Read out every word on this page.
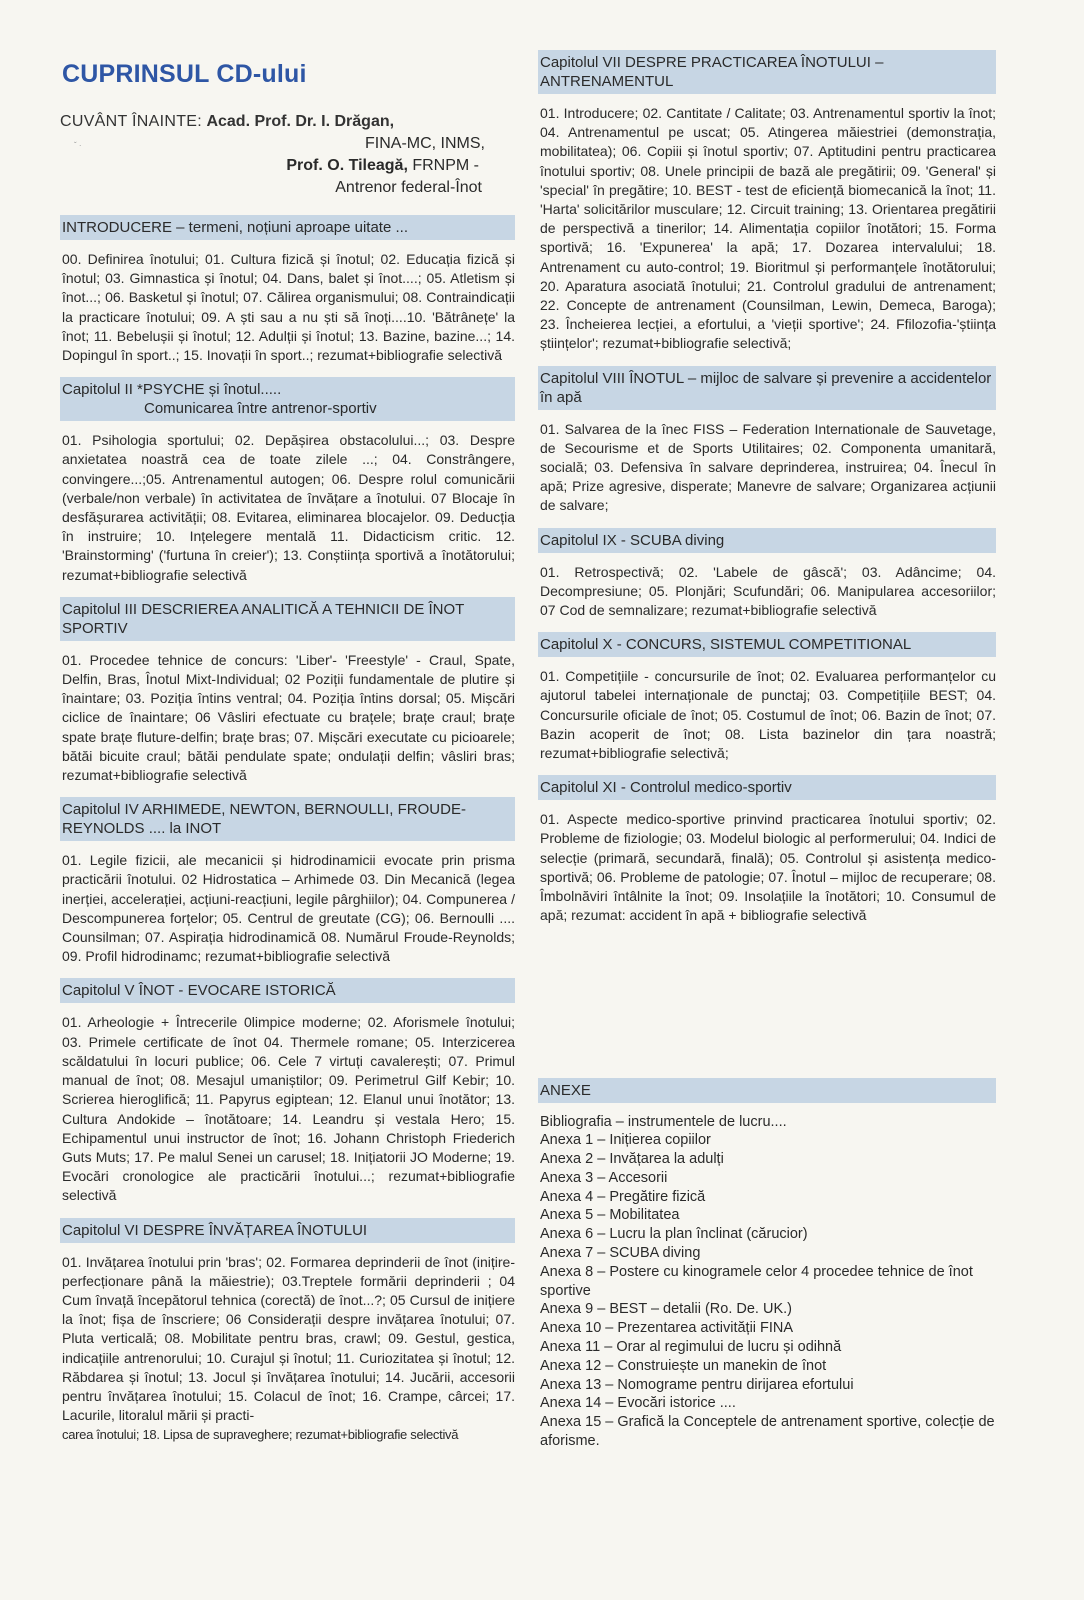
ˇ ·
CUPRINSUL CD-ului
CUVÂNT ÎNAINTE: Acad. Prof. Dr. I. Drăgan,
FINA-MC, INMS,
Prof. O. Tileagă, FRNPM -
Antrenor federal-Înot
INTRODUCERE – termeni, noțiuni aproape uitate ...
00. Definirea înotului; 01. Cultura fizică și înotul; 02. Educația fizică și înotul; 03. Gimnastica și înotul; 04. Dans, balet și înot....; 05. Atletism și înot...; 06. Basketul și înotul; 07. Călirea organismului; 08. Contraindicații la practicare înotului; 09. A ști sau a nu ști să înoți....10. 'Bătrânețe' la înot; 11. Bebelușii și înotul; 12. Adulții și înotul; 13. Bazine, bazine...; 14. Dopingul în sport..; 15. Inovații în sport..; rezumat+bibliografie selectivă
Capitolul II *PSYCHE și înotul.....
Comunicarea între antrenor-sportiv
01. Psihologia sportului; 02. Depășirea obstacolului...; 03. Despre anxietatea noastră cea de toate zilele ...; 04. Constrângere, convingere...;05. Antrenamentul autogen; 06. Despre rolul comunicării (verbale/non verbale) în activitatea de învățare a înotului. 07 Blocaje în desfășurarea activității; 08. Evitarea, eliminarea blocajelor. 09. Deducția în instruire; 10. Ințelegere mentală 11. Didacticism critic. 12. 'Brainstorming' ('furtuna în creier'); 13. Conștiința sportivă a înotătorului; rezumat+bibliografie selectivă
Capitolul III DESCRIEREA ANALITICĂ A TEHNICII DE ÎNOT SPORTIV
01. Procedee tehnice de concurs: 'Liber'- 'Freestyle' - Craul, Spate, Delfin, Bras, Înotul Mixt-Individual; 02 Poziții fundamentale de plutire și înaintare; 03. Poziția întins ventral; 04. Poziția întins dorsal; 05. Mișcări ciclice de înaintare; 06 Vâsliri efectuate cu brațele; brațe craul; brațe spate brațe fluture-delfin; brațe bras; 07. Mișcări executate cu picioarele; bătăi bicuite craul; bătăi pendulate spate; ondulații delfin; vâsliri bras; rezumat+bibliografie selectivă
Capitolul IV ARHIMEDE, NEWTON, BERNOULLI, FROUDE-REYNOLDS .... la INOT
01. Legile fizicii, ale mecanicii și hidrodinamicii evocate prin prisma practicării înotului. 02 Hidrostatica – Arhimede 03. Din Mecanică (legea inerției, accelerației, acțiuni-reacțiuni, legile pârghiilor); 04. Compunerea / Descompunerea forțelor; 05. Centrul de greutate (CG); 06. Bernoulli .... Counsilman; 07. Aspirația hidrodinamică 08. Numărul Froude-Reynolds; 09. Profil hidrodinamc; rezumat+bibliografie selectivă
Capitolul V ÎNOT - EVOCARE ISTORICĂ
01. Arheologie + Întrecerile 0limpice moderne; 02. Aforismele înotului; 03. Primele certificate de înot 04. Thermele romane; 05. Interzicerea scăldatului în locuri publice; 06. Cele 7 virtuți cavalerești; 07. Primul manual de înot; 08. Mesajul umaniștilor; 09. Perimetrul Gilf Kebir; 10. Scrierea hieroglifică; 11. Papyrus egiptean; 12. Elanul unui înotător; 13. Cultura Andokide – înotătoare; 14. Leandru și vestala Hero; 15. Echipamentul unui instructor de înot; 16. Johann Christoph Friederich Guts Muts; 17. Pe malul Senei un carusel; 18. Inițiatorii JO Moderne; 19. Evocări cronologice ale practicării înotului...; rezumat+bibliografie selectivă
Capitolul VI DESPRE ÎNVĂȚAREA ÎNOTULUI
01. Invățarea înotului prin 'bras'; 02. Formarea deprinderii de înot (inițire-perfecționare până la măiestrie); 03.Treptele formării deprinderii ; 04 Cum învață începătorul tehnica (corectă) de înot...?; 05 Cursul de inițiere la înot; fișa de înscriere; 06 Considerații despre invățarea înotului; 07. Pluta verticală; 08. Mobilitate pentru bras, crawl; 09. Gestul, gestica, indicațiile antrenorului; 10. Curajul și înotul; 11. Curiozitatea și înotul; 12. Răbdarea și înotul; 13. Jocul și învățarea înotului; 14. Jucării, accesorii pentru învățarea înotului; 15. Colacul de înot; 16. Crampe, cârcei; 17. Lacurile, litoralul mării și practi-
carea înotului; 18. Lipsa de supraveghere; rezumat+bibliografie selectivă
Capitolul VII DESPRE PRACTICAREA ÎNOTULUI – ANTRENAMENTUL
01. Introducere; 02. Cantitate / Calitate; 03. Antrenamentul sportiv la înot; 04. Antrenamentul pe uscat; 05. Atingerea măiestriei (demonstrația, mobilitatea); 06. Copiii și înotul sportiv; 07. Aptitudini pentru practicarea înotului sportiv; 08. Unele principii de bază ale pregătirii; 09. 'General' și 'special' în pregătire; 10. BEST - test de eficiență biomecanică la înot; 11. 'Harta' solicitărilor musculare; 12. Circuit training; 13. Orientarea pregătirii de perspectivă a tinerilor; 14. Alimentația copiilor înotători; 15. Forma sportivă; 16. 'Expunerea' la apă; 17. Dozarea intervalului; 18. Antrenament cu auto-control; 19. Bioritmul și performanțele înotătorului; 20. Aparatura asociată înotului; 21. Controlul gradului de antrenament; 22. Concepte de antrenament (Counsilman, Lewin, Demeca, Baroga); 23. Încheierea lecției, a efortului, a 'vieții sportive'; 24. Ffilozofia-'știința științelor'; rezumat+bibliografie selectivă;
Capitolul VIII ÎNOTUL – mijloc de salvare și prevenire a accidentelor în apă
01. Salvarea de la înec FISS – Federation Internationale de Sauvetage, de Secourisme et de Sports Utilitaires; 02. Componenta umanitară, socială; 03. Defensiva în salvare deprinderea, instruirea; 04. Înecul în apă; Prize agresive, disperate; Manevre de salvare; Organizarea acțiunii de salvare;
Capitolul IX - SCUBA diving
01. Retrospectivă; 02. 'Labele de gâscă'; 03. Adâncime; 04. Decompresiune; 05. Plonjări; Scufundări; 06. Manipularea accesoriilor; 07 Cod de semnalizare; rezumat+bibliografie selectivă
Capitolul X - CONCURS, SISTEMUL COMPETITIONAL
01. Competițiile - concursurile de înot; 02. Evaluarea performanțelor cu ajutorul tabelei internaționale de punctaj; 03. Competițiile BEST; 04. Concursurile oficiale de înot; 05. Costumul de înot; 06. Bazin de înot; 07. Bazin acoperit de înot; 08. Lista bazinelor din țara noastră; rezumat+bibliografie selectivă;
Capitolul XI - Controlul medico-sportiv
01. Aspecte medico-sportive prinvind practicarea înotului sportiv; 02. Probleme de fiziologie; 03. Modelul biologic al performerului; 04. Indici de selecție (primară, secundară, finală); 05. Controlul și asistența medico-sportivă; 06. Probleme de patologie; 07. Înotul – mijloc de recuperare; 08. Îmbolnăviri întâlnite la înot; 09. Insolațiile la înotători; 10. Consumul de apă; rezumat: accident în apă + bibliografie selectivă
ANEXE
Bibliografia – instrumentele de lucru....
Anexa 1 – Inițierea copiilor
Anexa 2 – Invățarea la adulți
Anexa 3 – Accesorii
Anexa 4 – Pregătire fizică
Anexa 5 – Mobilitatea
Anexa 6 – Lucru la plan înclinat (cărucior)
Anexa 7 – SCUBA diving
Anexa 8 – Postere cu kinogramele celor 4 procedee tehnice de înot sportive
Anexa 9 – BEST – detalii (Ro. De. UK.)
Anexa 10 – Prezentarea activității FINA
Anexa 11 – Orar al regimului de lucru și odihnă
Anexa 12 – Construiește un manekin de înot
Anexa 13 – Nomograme pentru dirijarea efortului
Anexa 14 – Evocări istorice ....
Anexa 15 – Grafică la Conceptele de antrenament sportive, colecție de aforisme.
